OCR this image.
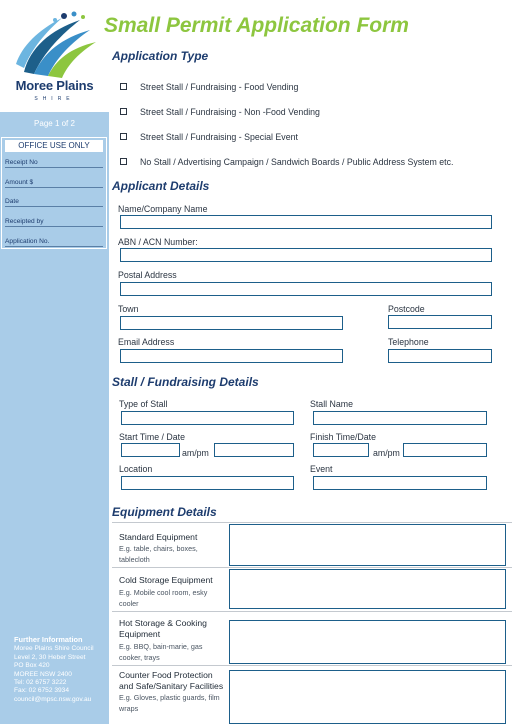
Moree Plains
SHIRE
Page 1 of 2
OFFICE USE ONLY
Receipt No
Amount $
Date
Receipted by
Application No.
Further Information
Moree Plains Shire Council
Level 2, 30 Heber Street
PO Box 420
MOREE NSW 2400
Tel: 02 6757 3222
Fax: 02 6752 3934
council@mpsc.nsw.gov.au
Small Permit Application Form
Application Type
Street Stall / Fundraising - Food Vending
Street Stall / Fundraising - Non -Food Vending
Street Stall / Fundraising - Special Event
No Stall / Advertising Campaign / Sandwich Boards / Public Address System etc.
Applicant Details
Name/Company Name
ABN / ACN Number:
Postal Address
Town	Postcode
Email Address	Telephone
Stall / Fundraising Details
Type of Stall	Stall Name
Start Time / Date
am/pm
Finish Time/Date
am/pm
Location	Event
Equipment Details
Standard Equipment
E.g. table, chairs, boxes, tablecloth
Cold Storage Equipment
E.g. Mobile cool room, esky cooler
Hot Storage & Cooking Equipment
E.g. BBQ, bain-marie, gas cooker, trays
Counter Food Protection and Safe/Sanitary Facilities
E.g. Gloves, plastic guards, film wraps
